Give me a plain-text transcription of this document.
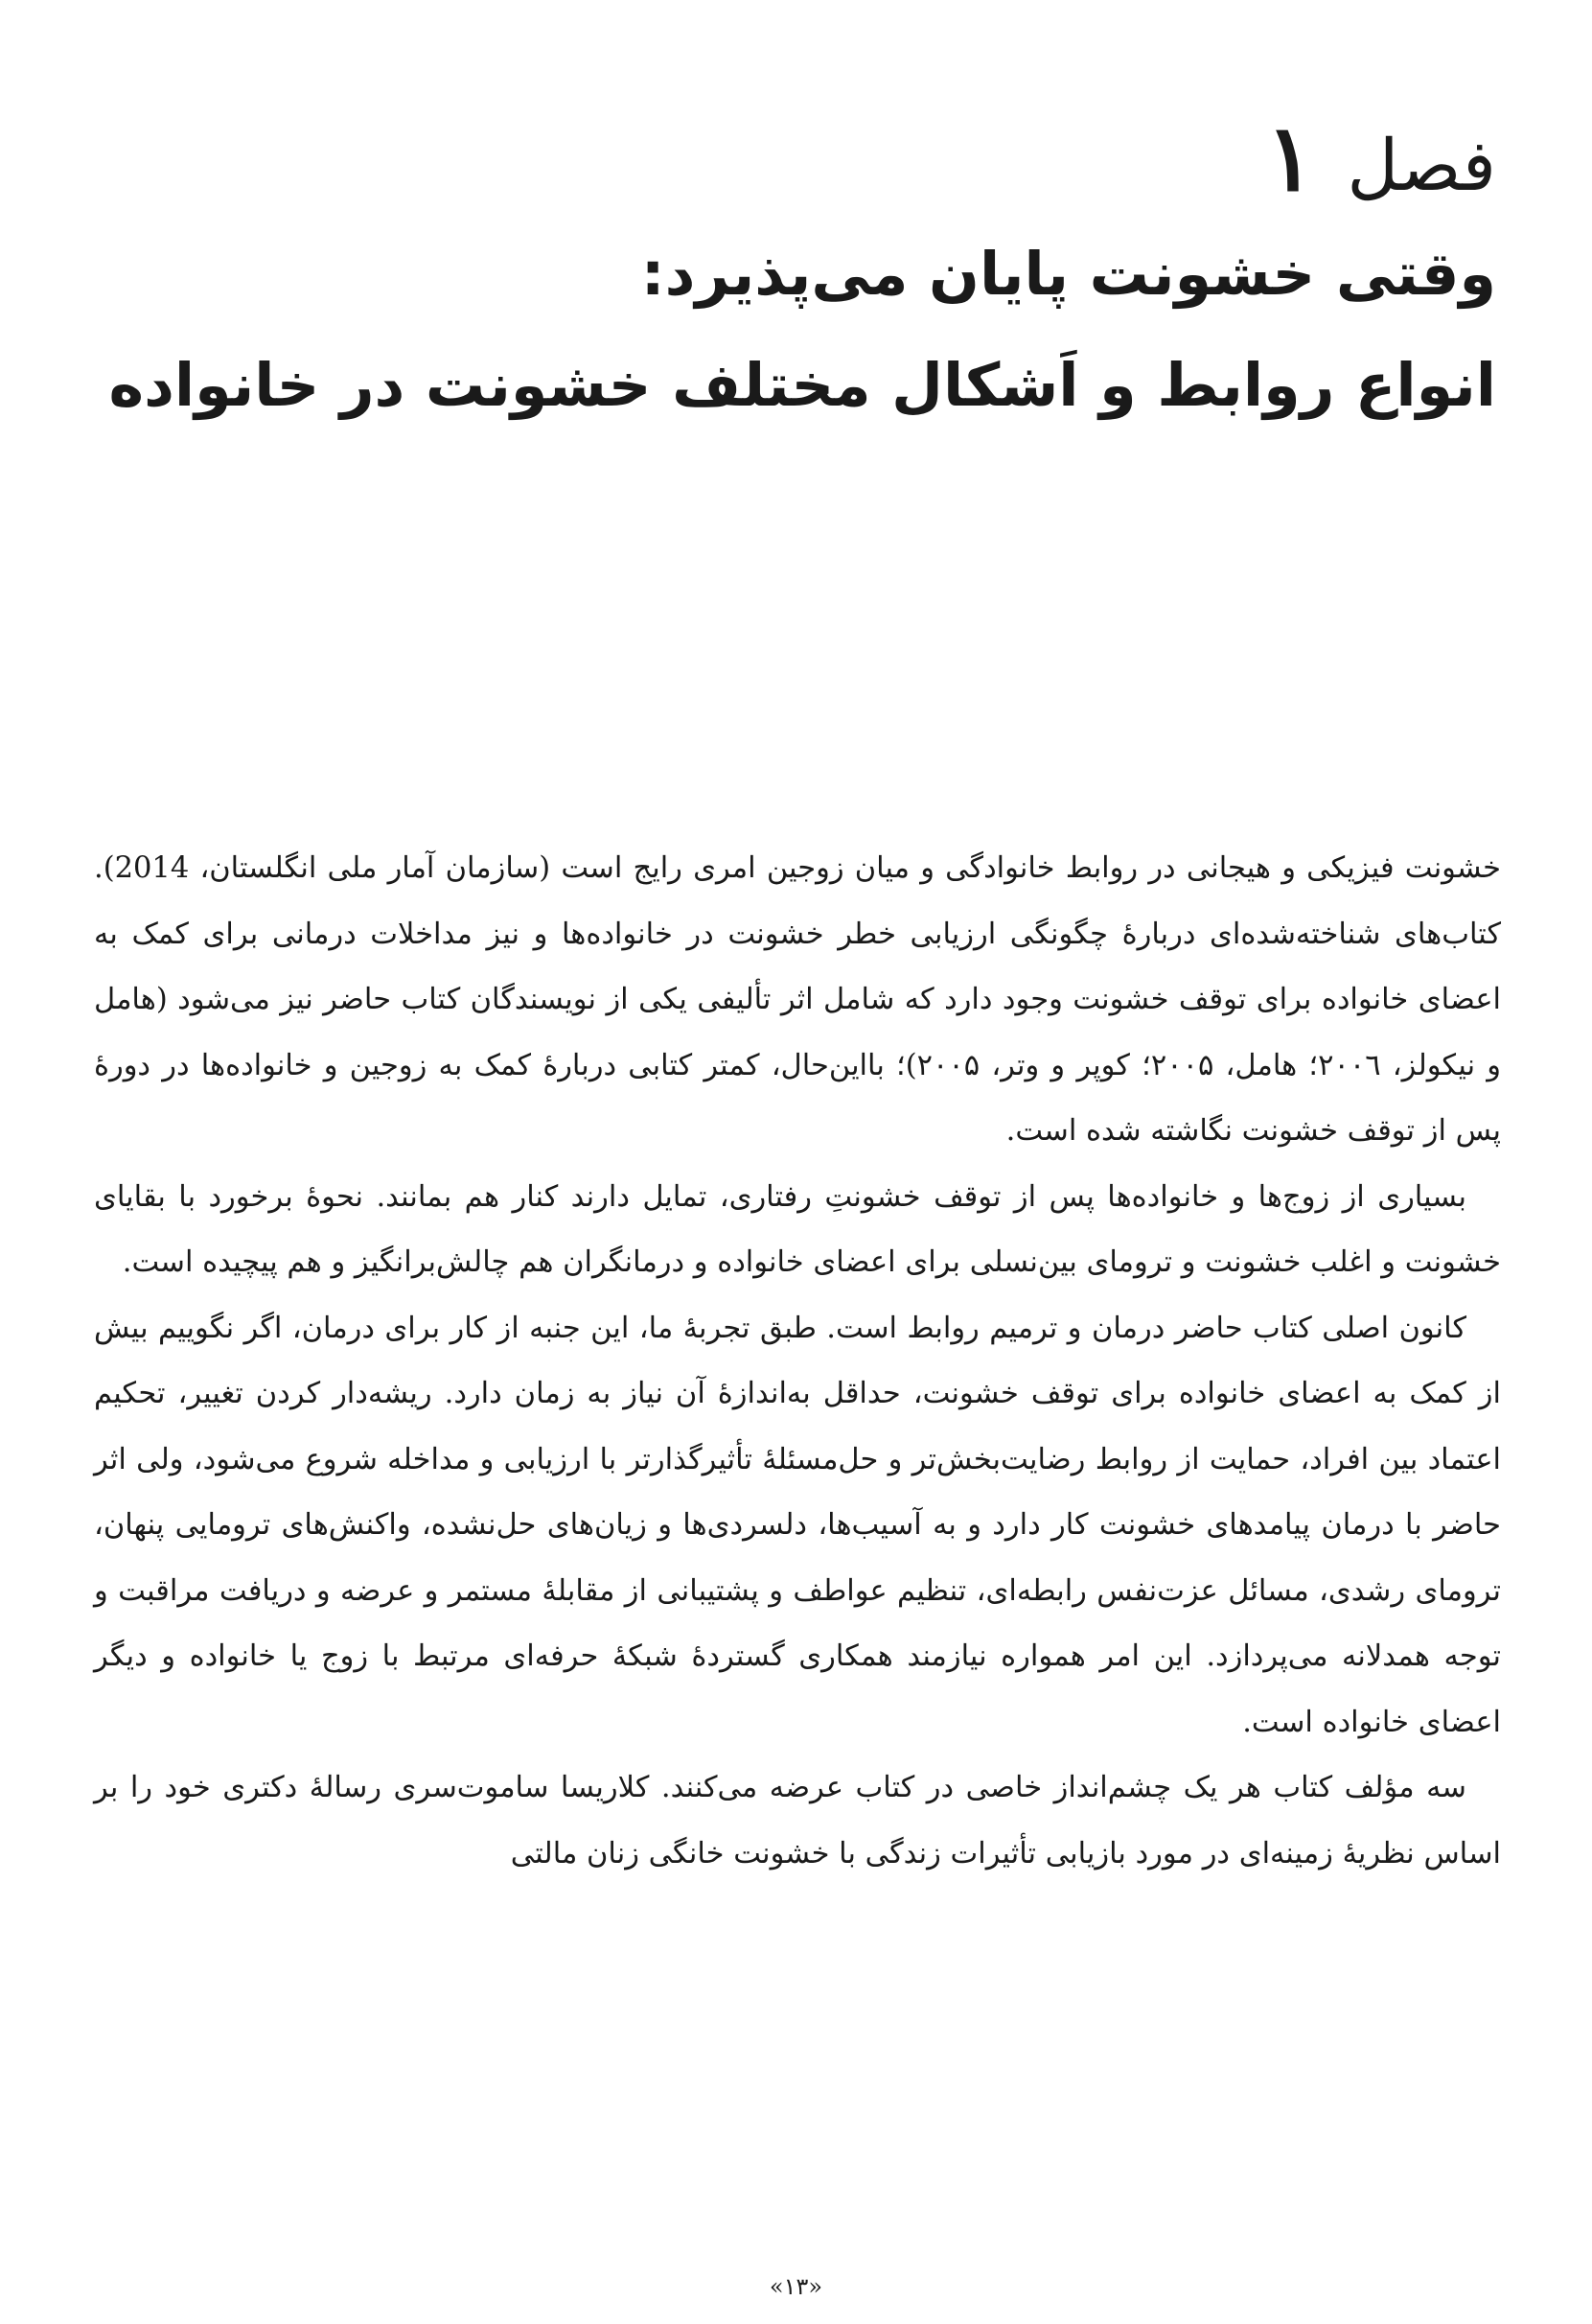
فصل ۱
وقتی خشونت پایان می‌پذیرد:
انواع روابط و اَشکال مختلف خشونت در خانواده

خشونت فیزیکی و هیجانی در روابط خانوادگی و میان زوجین امری رایج است (سازمان آمار ملی انگلستان، 2014). کتاب‌های شناخته‌شده‌ای دربارهٔ چگونگی ارزیابی خطر خشونت در خانواده‌ها و نیز مداخلات درمانی برای کمک به اعضای خانواده برای توقف خشونت وجود دارد که شامل اثر تألیفی یکی از نویسندگان کتاب حاضر نیز می‌شود (هامل و نیکولز، ۲۰۰٦؛ هامل، ۲۰۰۵؛ کوپر و وتر، ۲۰۰۵)؛ بااین‌حال، کمتر کتابی دربارهٔ کمک به زوجین و خانواده‌ها در دورهٔ پس از توقف خشونت نگاشته شده است.

بسیاری از زوج‌ها و خانواده‌ها پس از توقف خشونتِ رفتاری، تمایل دارند کنار هم بمانند. نحوهٔ برخورد با بقایای خشونت و اغلب خشونت و ترومای بین‌نسلی برای اعضای خانواده و درمانگران هم چالش‌برانگیز و هم پیچیده است.

کانون اصلی کتاب حاضر درمان و ترمیم روابط است. طبق تجربهٔ ما، این جنبه از کار برای درمان، اگر نگوییم بیش از کمک به اعضای خانواده برای توقف خشونت، حداقل به‌اندازهٔ آن نیاز به زمان دارد. ریشه‌دار کردن تغییر، تحکیم اعتماد بین افراد، حمایت از روابط رضایت‌بخش‌تر و حل‌مسئلهٔ تأثیرگذارتر با ارزیابی و مداخله شروع می‌شود، ولی اثر حاضر با درمان پیامدهای خشونت کار دارد و به آسیب‌ها، دلسردی‌ها و زیان‌های حل‌نشده، واکنش‌های ترومایی پنهان، ترومای رشدی، مسائل عزت‌نفس رابطه‌ای، تنظیم عواطف و پشتیبانی از مقابلهٔ مستمر و عرضه و دریافت مراقبت و توجه همدلانه می‌پردازد. این امر همواره نیازمند همکاری گستردهٔ شبکهٔ حرفه‌ای مرتبط با زوج یا خانواده و دیگر اعضای خانواده است.

سه مؤلف کتاب هر یک چشم‌انداز خاصی در کتاب عرضه می‌کنند. کلاریسا ساموت‌سری رسالهٔ دکتری خود را بر اساس نظریهٔ زمینه‌ای در مورد بازیابی تأثیرات زندگی با خشونت خانگی زنان مالتی

«۱۳»
